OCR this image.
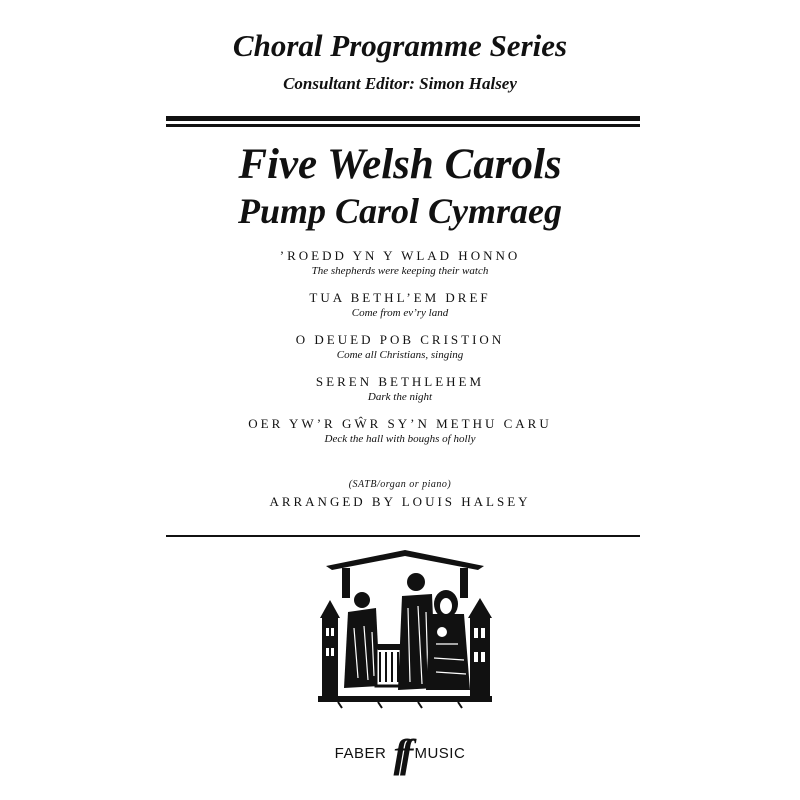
Choral Programme Series
Consultant Editor: Simon Halsey
Five Welsh Carols
Pump Carol Cymraeg
’ROEDD YN Y WLAD HONNO
The shepherds were keeping their watch
TUA BETHL’EM DREF
Come from ev’ry land
O DEUED POB CRISTION
Come all Christians, singing
SEREN BETHLEHEM
Dark the night
OER YW’R GŴR SY’N METHU CARU
Deck the hall with boughs of holly
(SATB/organ or piano)
ARRANGED BY LOUIS HALSEY
FABER ff MUSIC
